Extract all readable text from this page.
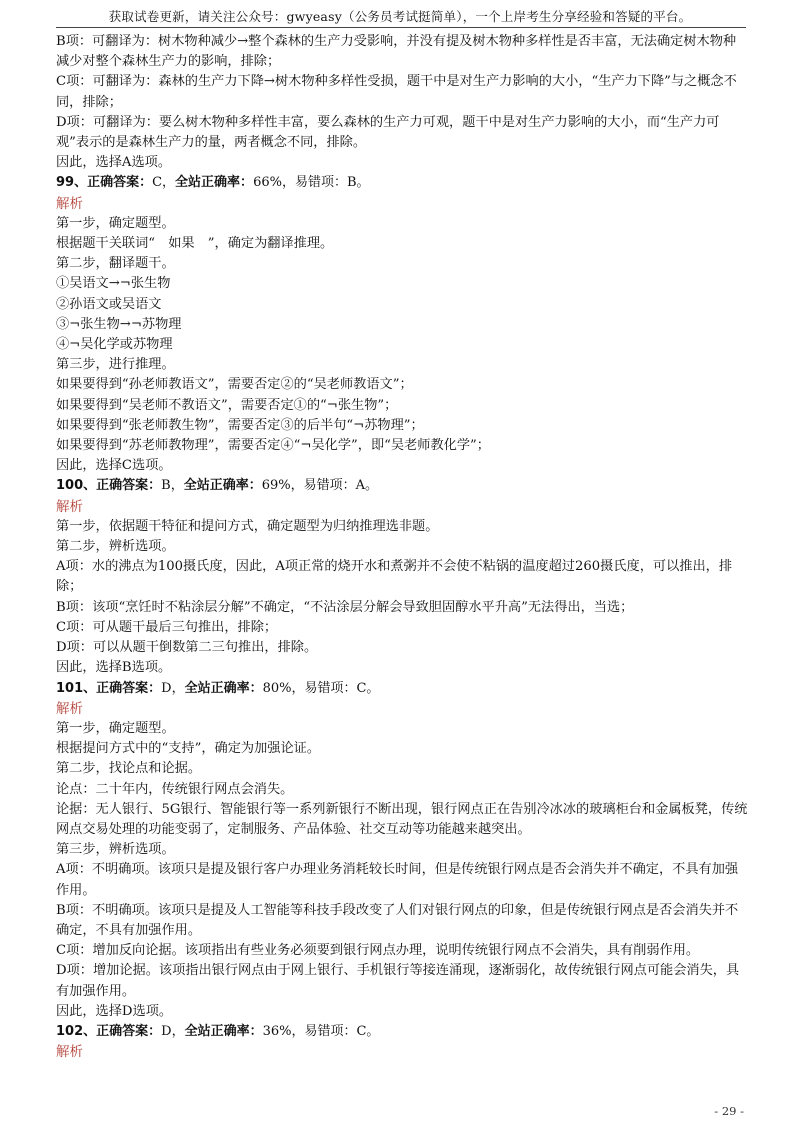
获取试卷更新，请关注公众号：gwyeasy（公务员考试挺简单），一个上岸考生分享经验和答疑的平台。

B项：可翻译为：树木物种减少→整个森林的生产力受影响，并没有提及树木物种多样性是否丰富，无法确定树木物种减少对整个森林生产力的影响，排除；

C项：可翻译为：森林的生产力下降→树木物种多样性受损，题干中是对生产力影响的大小，“生产力下降”与之概念不同，排除；

D项：可翻译为：要么树木物种多样性丰富，要么森林的生产力可观，题干中是对生产力影响的大小，而“生产力可观”表示的是森林生产力的量，两者概念不同，排除。

因此，选择A选项。

99、正确答案：C，全站正确率：66%，易错项：B。

解析

第一步，确定题型。

根据题干关联词“　如果　”，确定为翻译推理。

第二步，翻译题干。

①吴语文→¬张生物

②孙语文或吴语文

③¬张生物→¬苏物理

④¬吴化学或苏物理

第三步，进行推理。

如果要得到“孙老师教语文”，需要否定②的“吴老师教语文”；

如果要得到“吴老师不教语文”，需要否定①的“¬张生物”；

如果要得到“张老师教生物”，需要否定③的后半句“¬苏物理”；

如果要得到“苏老师教物理”，需要否定④“¬吴化学”，即“吴老师教化学”；

因此，选择C选项。

100、正确答案：B，全站正确率：69%，易错项：A。

解析

第一步，依据题干特征和提问方式，确定题型为归纳推理选非题。

第二步，辨析选项。

A项：水的沸点为100摄氏度，因此，A项正常的烧开水和煮粥并不会使不粘锅的温度超过260摄氏度，可以推出，排除；

B项：该项“烹饪时不粘涂层分解”不确定，“不沾涂层分解会导致胆固醇水平升高”无法得出，当选；

C项：可从题干最后三句推出，排除；

D项：可以从题干倒数第二三句推出，排除。

因此，选择B选项。

101、正确答案：D，全站正确率：80%，易错项：C。

解析

第一步，确定题型。

根据提问方式中的“支持”，确定为加强论证。

第二步，找论点和论据。

论点：二十年内，传统银行网点会消失。

论据：无人银行、5G银行、智能银行等一系列新银行不断出现，银行网点正在告别冷冰冰的玻璃柜台和金属板凳，传统网点交易处理的功能变弱了，定制服务、产品体验、社交互动等功能越来越突出。

第三步，辨析选项。

A项：不明确项。该项只是提及银行客户办理业务消耗较长时间，但是传统银行网点是否会消失并不确定，不具有加强作用。

B项：不明确项。该项只是提及人工智能等科技手段改变了人们对银行网点的印象，但是传统银行网点是否会消失并不确定，不具有加强作用。

C项：增加反向论据。该项指出有些业务必须要到银行网点办理，说明传统银行网点不会消失，具有削弱作用。

D项：增加论据。该项指出银行网点由于网上银行、手机银行等接连涌现，逐渐弱化，故传统银行网点可能会消失，具有加强作用。

因此，选择D选项。

102、正确答案：D，全站正确率：36%，易错项：C。

解析

- 29 -
